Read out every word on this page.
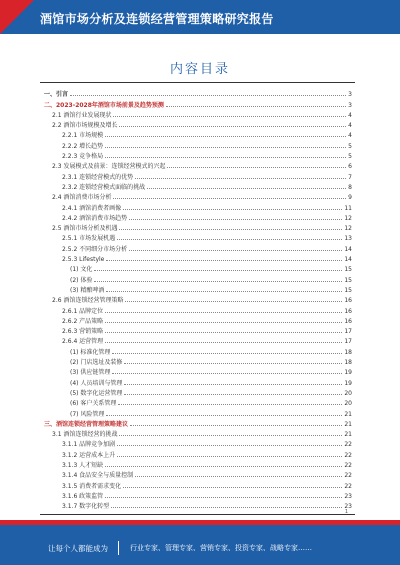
酒馆市场分析及连锁经营管理策略研究报告
内容目录
一、引言	3
二、2023-2028年酒馆市场前景及趋势预测	3
2.1 酒馆行业发展现状	4
2.2 酒馆市场规模及增长	4
2.2.1 市场规模	4
2.2.2 增长趋势	5
2.2.3 竞争格局	5
2.3 发展模式及前景：连锁经营模式的兴起	6
2.3.1 连锁经营模式的优势	7
2.3.2 连锁经营模式面临的挑战	8
2.4 酒馆消费市场分析	9
2.4.1 酒馆消费者画像	11
2.4.2 酒馆消费市场趋势	12
2.5 酒馆市场分析及机遇	12
2.5.1 市场发展机遇	13
2.5.2 不同细分市场分析	14
2.5.3 Lifestyle	14
(1) 文化	15
(2) 体验	15
(3) 精酿啤酒	15
2.6 酒馆连锁经营管理策略	16
2.6.1 品牌定位	16
2.6.2 产品策略	16
2.6.3 营销策略	17
2.6.4 运营管理	17
(1) 标准化管理	18
(2) 门店选址及装修	18
(3) 供应链管理	19
(4) 人员培训与管理	19
(5) 数字化运营管理	20
(6) 客户关系管理	20
(7) 风险管理	21
三、酒馆连锁经营管理策略建议	21
3.1 酒馆连锁经营的挑战	21
3.1.1 品牌竞争加剧	22
3.1.2 运营成本上升	22
3.1.3 人才短缺	22
3.1.4 食品安全与质量控制	22
3.1.5 消费者需求变化	22
3.1.6 政策监管	23
3.1.7 数字化转型	23
1
让每个人都能成为	行业专家、管理专家、营销专家、投资专家、战略专家……
